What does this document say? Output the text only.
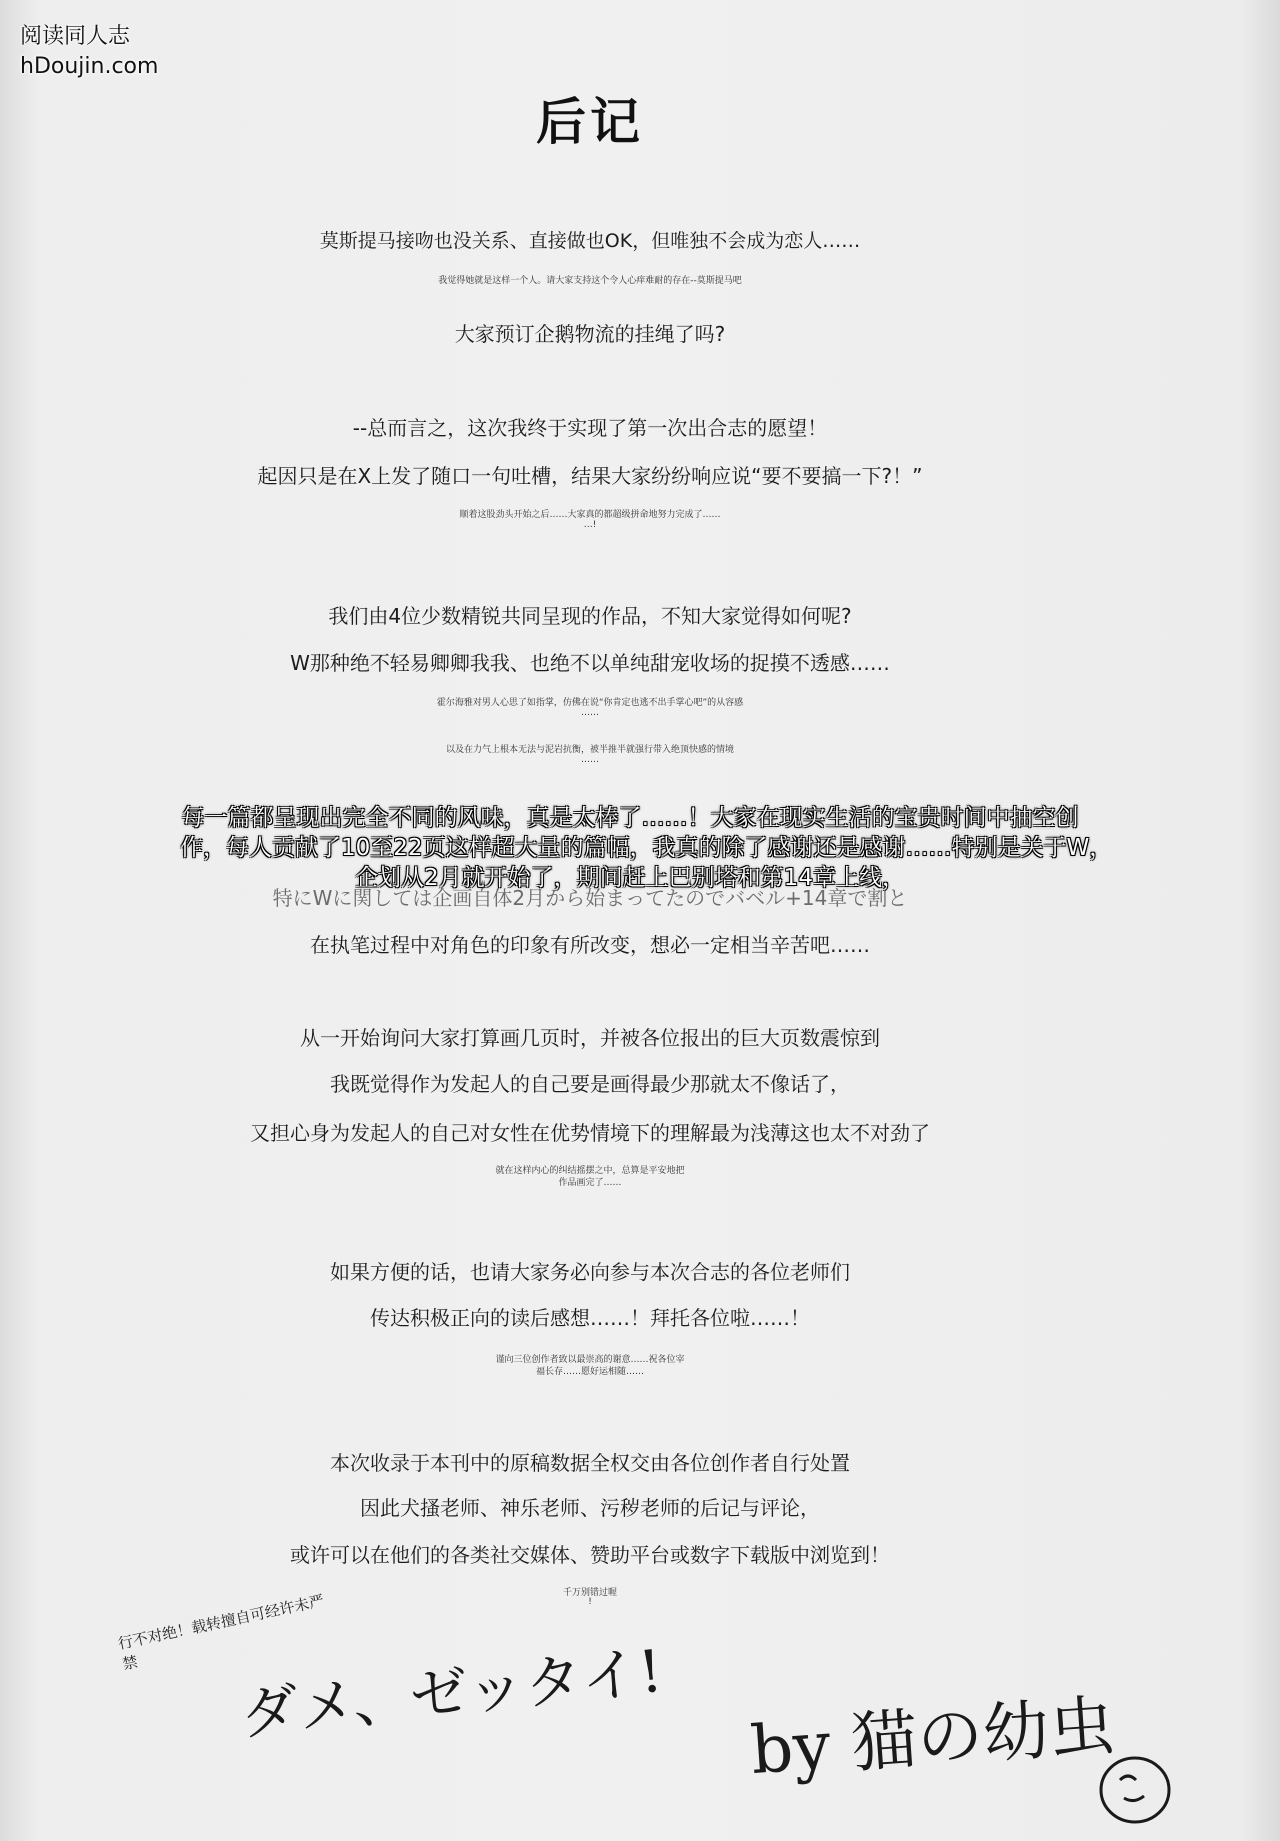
阅读同人志
hDoujin.com
后记
莫斯提马接吻也没关系、直接做也OK，但唯独不会成为恋人……
我觉得她就是这样一个人。请大家支持这个令人心痒难耐的存在--莫斯提马吧
大家预订企鹅物流的挂绳了吗?
--总而言之，这次我终于实现了第一次出合志的愿望！
起因只是在X上发了随口一句吐槽，结果大家纷纷响应说“要不要搞一下?！”
顺着这股劲头开始之后……大家真的都超级拼命地努力完成了……
…!
我们由4位少数精锐共同呈现的作品，不知大家觉得如何呢?
W那种绝不轻易卿卿我我、也绝不以单纯甜宠收场的捉摸不透感……
霍尔海雅对男人心思了如指掌，仿佛在说“你肯定也逃不出手掌心吧”的从容感
……
以及在力气上根本无法与泥岩抗衡，被半推半就强行带入绝顶快感的情境
……
特にWに関しては企画自体2月から始まってたのでバベル+14章で割と
在执笔过程中对角色的印象有所改变，想必一定相当辛苦吧……
从一开始询问大家打算画几页时，并被各位报出的巨大页数震惊到
我既觉得作为发起人的自己要是画得最少那就太不像话了，
又担心身为发起人的自己对女性在优势情境下的理解最为浅薄这也太不对劲了
就在这样内心的纠结摇摆之中，总算是平安地把
作品画完了……
如果方便的话，也请大家务必向参与本次合志的各位老师们
传达积极正向的读后感想……！拜托各位啦……！
谨向三位创作者致以最崇高的谢意……祝各位宰
福长存……愿好运相随……
本次收录于本刊中的原稿数据全权交由各位创作者自行处置
因此犬搔老师、神乐老师、污秽老师的后记与评论，
或许可以在他们的各类社交媒体、赞助平台或数字下载版中浏览到！
千万别错过喔
!
每一篇都呈现出完全不同的风味，真是太棒了……！大家在现实生活的宝贵时间中抽空创
作，每人贡献了10至22页这样超大量的篇幅，我真的除了感谢还是感谢……特别是关于W，
企划从2月就开始了，期间赶上巴别塔和第14章上线，
行不对绝！载转擅自可经许未严禁	ダメ、ゼッタイ! by 猫の幼虫
